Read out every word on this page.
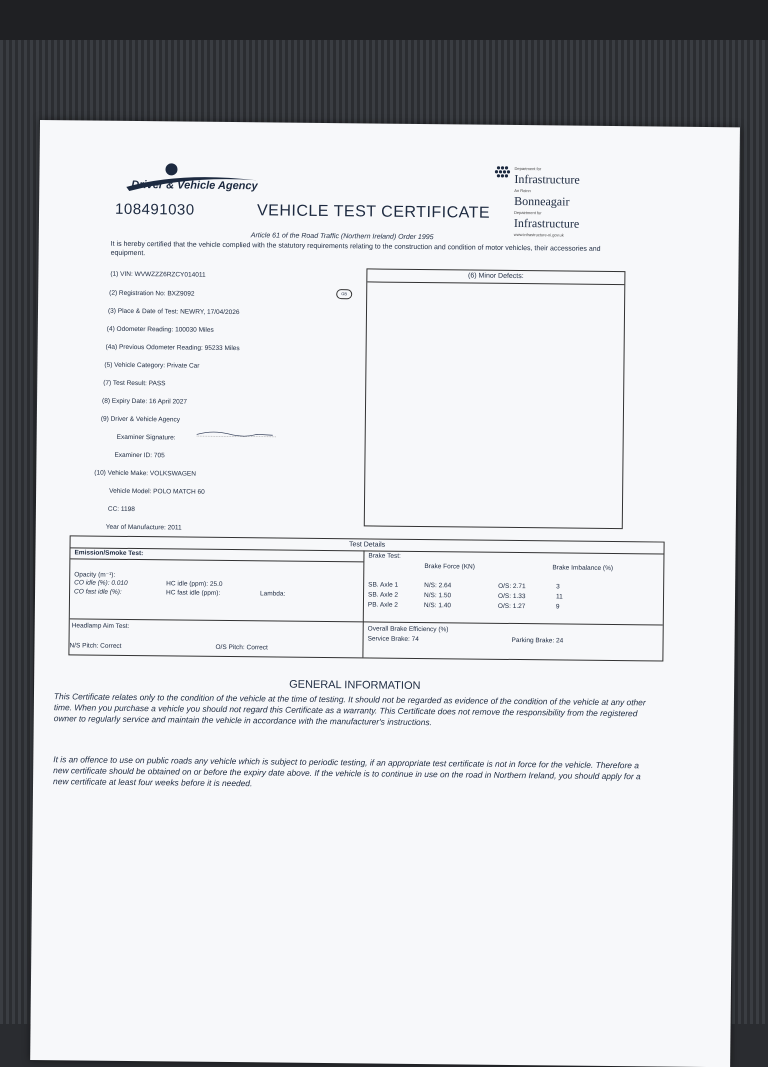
Driver & Vehicle Agency
Department for
Infrastructure
An Roinn
Bonneagair
Depairtment fur
Infrastructure
www.infrastructure-ni.gov.uk
108491030	VEHICLE TEST CERTIFICATE
Article 61 of the Road Traffic (Northern Ireland) Order 1995
It is hereby certified that the vehicle complied with the statutory requirements relating to the construction and condition of motor vehicles, their accessories and equipment.
(1) VIN: WVWZZZ6RZCY014011
(2) Registration No: BXZ9092
(3) Place & Date of Test: NEWRY, 17/04/2026
(4) Odometer Reading: 100030 Miles
(4a) Previous Odometer Reading: 95233 Miles
(5) Vehicle Category: Private Car
(7) Test Result: PASS
(8) Expiry Date: 16 April 2027
(9) Driver & Vehicle Agency
Examiner Signature:
Examiner ID: 705
(10) Vehicle Make: VOLKSWAGEN
Vehicle Model: POLO MATCH 60
CC: 1198
Year of Manufacture: 2011
GB
(6) Minor Defects:
Test Details
Emission/Smoke Test:
Opacity (m⁻¹):
CO idle (%): 0.010
CO fast idle (%):
HC idle (ppm): 25.0
HC fast idle (ppm):	Lambda:
Headlamp Aim Test:
N/S Pitch: Correct	O/S Pitch: Correct
Brake Test:
Brake Force (KN)	Brake Imbalance (%)
SB. Axle 1	N/S: 2.64	O/S: 2.71	3
SB. Axle 2	N/S: 1.50	O/S: 1.33	11
PB. Axle 2	N/S: 1.40	O/S: 1.27	9
Overall Brake Efficiency (%)
Service Brake: 74	Parking Brake: 24
GENERAL INFORMATION
This Certificate relates only to the condition of the vehicle at the time of testing. It should not be regarded as evidence of the condition of the vehicle at any other time. When you purchase a vehicle you should not regard this Certificate as a warranty. This Certificate does not remove the responsibility from the registered owner to regularly service and maintain the vehicle in accordance with the manufacturer's instructions.
It is an offence to use on public roads any vehicle which is subject to periodic testing, if an appropriate test certificate is not in force for the vehicle. Therefore a new certificate should be obtained on or before the expiry date above. If the vehicle is to continue in use on the road in Northern Ireland, you should apply for a new certificate at least four weeks before it is needed.
